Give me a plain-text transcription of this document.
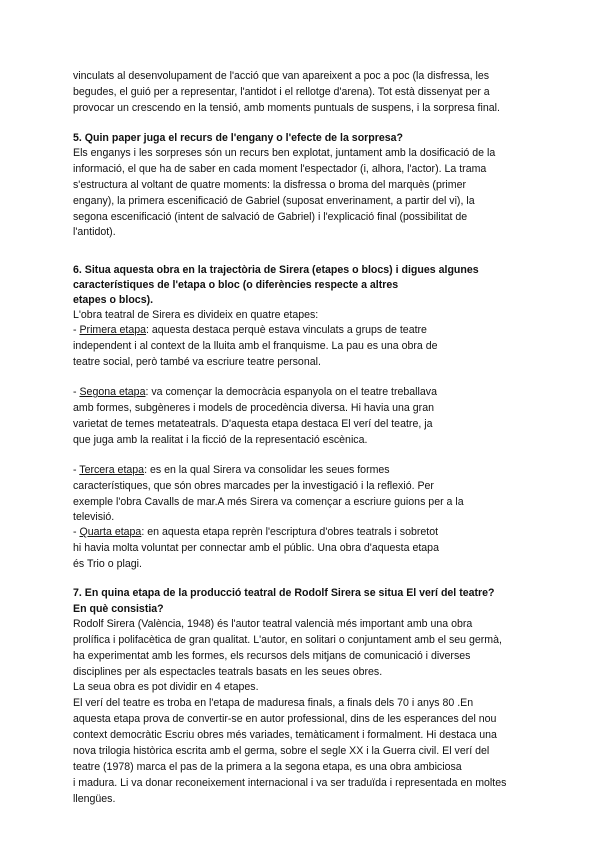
vinculats al desenvolupament de l'acció que van apareixent a poc a poc (la disfressa, les
begudes, el guió per a representar, l'antidot i el rellotge d'arena). Tot està dissenyat per a
provocar un crescendo en la tensió, amb moments puntuals de suspens, i la sorpresa final.
5. Quin paper juga el recurs de l'engany o l'efecte de la sorpresa?
Els enganys i les sorpreses són un recurs ben explotat, juntament amb la dosificació de la
informació, el que ha de saber en cada moment l'espectador (i, alhora, l'actor). La trama
s'estructura al voltant de quatre moments: la disfressa o broma del marquès (primer
engany), la primera escenificació de Gabriel (suposat enverinament, a partir del vi), la
segona escenificació (intent de salvació de Gabriel) i l'explicació final (possibilitat de
l'antidot).
6. Situa aquesta obra en la trajectòria de Sirera (etapes o blocs) i digues algunes
característiques de l'etapa o bloc (o diferències respecte a altres
etapes o blocs).
L'obra teatral de Sirera es divideix en quatre etapes:
- Primera etapa: aquesta destaca perquè estava vinculats a grups de teatre
independent i al context de la lluita amb el franquisme. La pau es una obra de
teatre social, però també va escriure teatre personal.
- Segona etapa: va començar la democràcia espanyola on el teatre treballava
amb formes, subgèneres i models de procedència diversa. Hi havia una gran
varietat de temes metateatrals. D'aquesta etapa destaca El verí del teatre, ja
que juga amb la realitat i la ficció de la representació escènica.
- Tercera etapa: es en la qual Sirera va consolidar les seues formes
característiques, que són obres marcades per la investigació i la reflexió. Per
exemple l'obra Cavalls de mar.A més Sirera va començar a escriure guions per a la
televisió.
- Quarta etapa: en aquesta etapa reprèn l'escriptura d'obres teatrals i sobretot
hi havia molta voluntat per connectar amb el públic. Una obra d'aquesta etapa
és Trio o plagi.
7. En quina etapa de la producció teatral de Rodolf Sirera se situa El verí del teatre?
En què consistia?
Rodolf Sirera (València, 1948) és l'autor teatral valencià més important amb una obra
prolífica i polifacètica de gran qualitat. L'autor, en solitari o conjuntament amb el seu germà,
ha experimentat amb les formes, els recursos dels mitjans de comunicació i diverses
disciplines per als espectacles teatrals basats en les seues obres.
La seua obra es pot dividir en 4 etapes.
El verí del teatre es troba en l'etapa de maduresa finals, a finals dels 70 i anys 80 .En
aquesta etapa prova de convertir-se en autor professional, dins de les esperances del nou
context democràtic Escriu obres més variades, temàticament i formalment. Hi destaca una
nova trilogia històrica escrita amb el germa, sobre el segle XX i la Guerra civil. El verí del
teatre (1978) marca el pas de la primera a la segona etapa, es una obra ambiciosa
i madura. Li va donar reconeixement internacional i va ser traduïda i representada en moltes
llengües.
